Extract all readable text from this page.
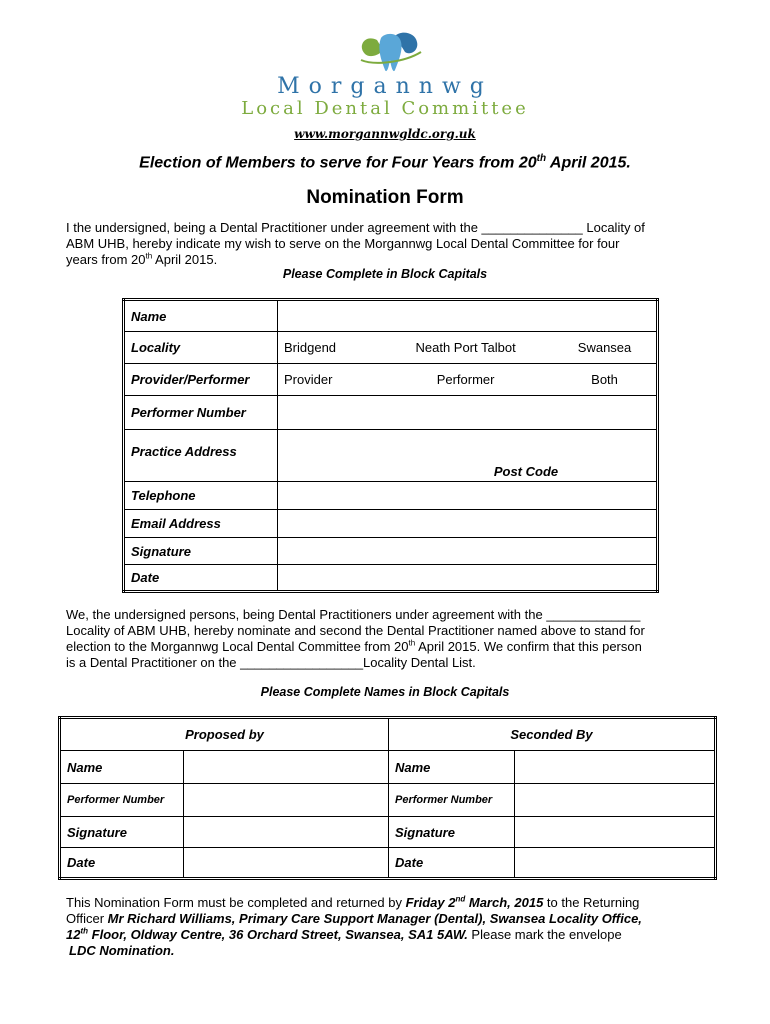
Morgannwg
Local Dental Committee
www.morgannwgldc.org.uk
Election of Members to serve for Four Years from 20th April 2015.
Nomination Form
I the undersigned, being a Dental Practitioner under agreement with the ______________ Locality of
ABM UHB, hereby indicate my wish to serve on the Morgannwg Local Dental Committee for four
years from 20th April 2015.
Please Complete in Block Capitals
Name			
Locality	Bridgend	Neath Port Talbot	Swansea
Provider/Performer	Provider	Performer	Both
Performer Number			
Practice Address	Post Code		
Telephone			
Email Address			
Signature			
Date			
We, the undersigned persons, being Dental Practitioners under agreement with the _____________
Locality of ABM UHB, hereby nominate and second the Dental Practitioner named above to stand for
election to the Morgannwg Local Dental Committee from 20th April 2015. We confirm that this person
is a Dental Practitioner on the _________________Locality Dental List.
Please Complete Names in Block Capitals
Proposed by		Seconded By	
Name		Name	
Performer Number		Performer Number	
Signature		Signature	
Date		Date	
This Nomination Form must be completed and returned by Friday 2nd March, 2015 to the Returning
Officer Mr Richard Williams, Primary Care Support Manager (Dental), Swansea Locality Office,
12th Floor, Oldway Centre, 36 Orchard Street, Swansea, SA1 5AW. Please mark the envelope
LDC Nomination.
